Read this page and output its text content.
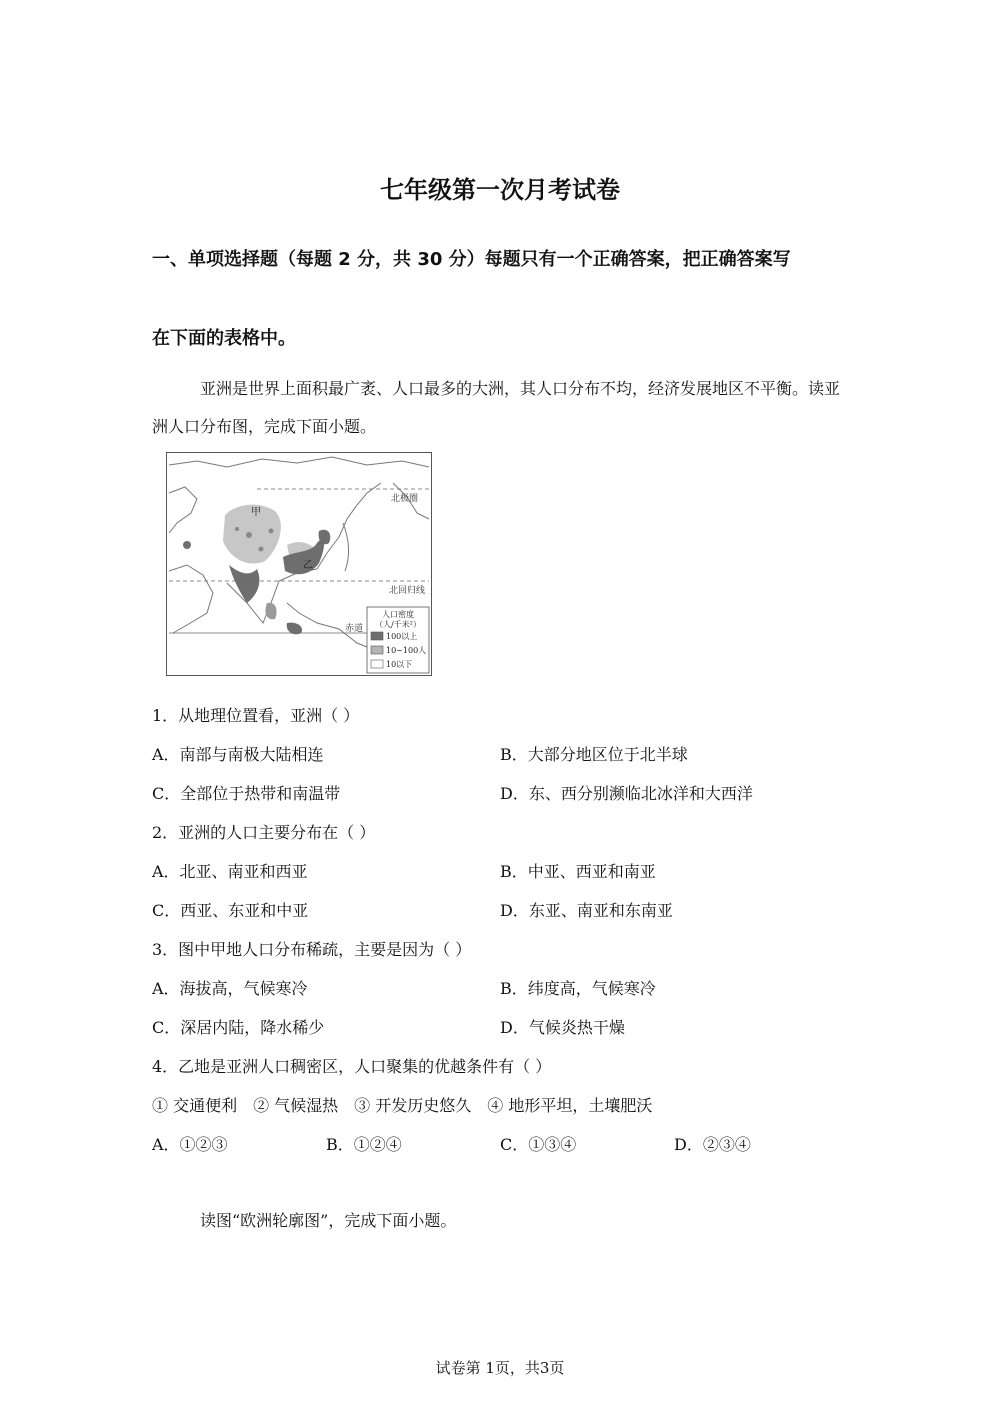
七年级第一次月考试卷
一、单项选择题（每题 2 分，共 30 分）每题只有一个正确答案，把正确答案写
在下面的表格中。
亚洲是世界上面积最广袤、人口最多的大洲，其人口分布不均，经济发展地区不平衡。读亚洲人口分布图，完成下面小题。
北极圈
北回归线
赤道
甲
乙
人口密度
（人/千米²）
100以上
10~100人
10以下
1．从地理位置看，亚洲（ ）
A．南部与南极大陆相连	B．大部分地区位于北半球
C．全部位于热带和南温带	D．东、西分别濒临北冰洋和大西洋
2．亚洲的人口主要分布在（ ）
A．北亚、南亚和西亚	B．中亚、西亚和南亚
C．西亚、东亚和中亚	D．东亚、南亚和东南亚
3．图中甲地人口分布稀疏，主要是因为（ ）
A．海拔高，气候寒冷	B．纬度高，气候寒冷
C．深居内陆，降水稀少	D．气候炎热干燥
4．乙地是亚洲人口稠密区，人口聚集的优越条件有（ ）
① 交通便利　② 气候湿热　③ 开发历史悠久　④ 地形平坦，土壤肥沃
A．①②③	B．①②④	C．①③④	D．②③④
读图“欧洲轮廓图”，完成下面小题。
试卷第 1页，共3页
